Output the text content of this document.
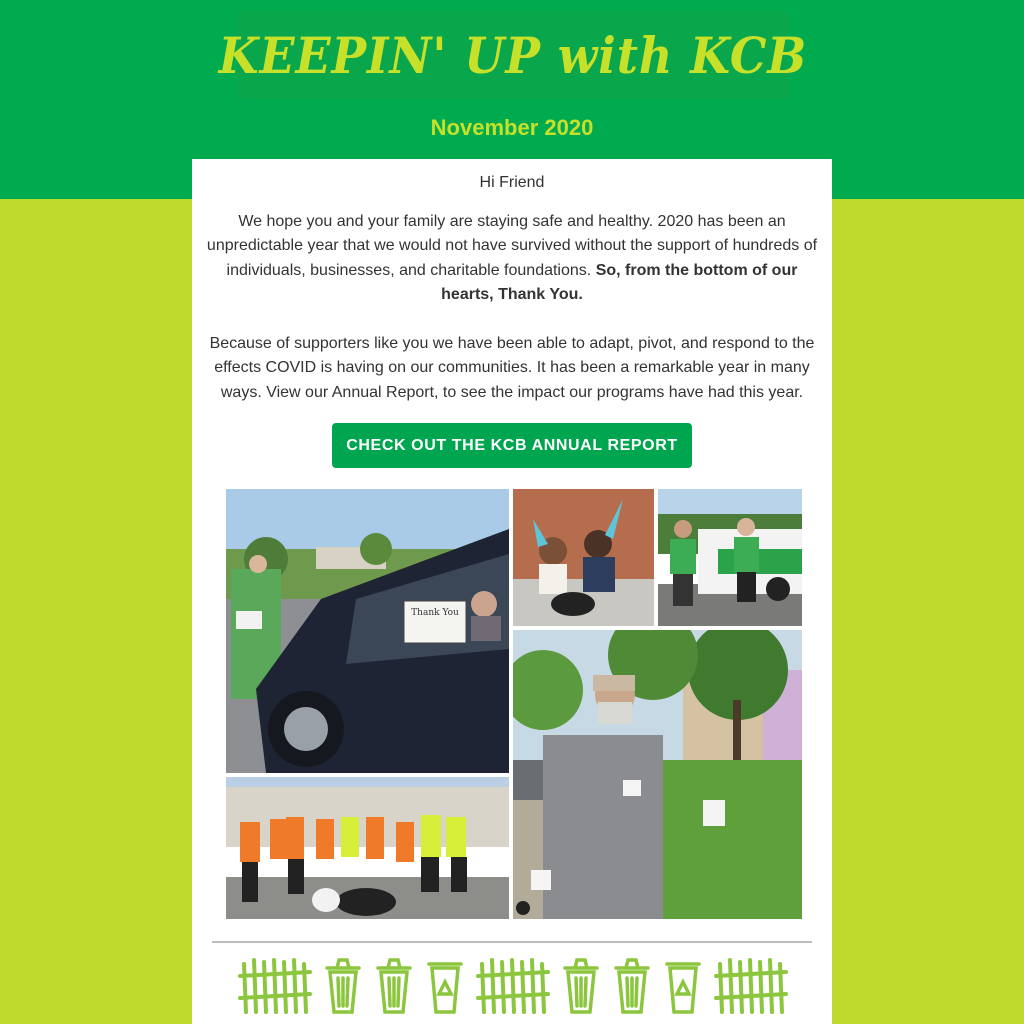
KEEPIN' UP with KCB
November 2020
Hi Friend

We hope you and your family are staying safe and healthy. 2020 has been an unpredictable year that we would not have survived without the support of hundreds of individuals, businesses, and charitable foundations. So, from the bottom of our hearts, Thank You.

Because of supporters like you we have been able to adapt, pivot, and respond to the effects COVID is having on our communities. It has been a remarkable year in many ways. View our Annual Report, to see the impact our programs have had this year.

CHECK OUT THE KCB ANNUAL REPORT
Thank You
